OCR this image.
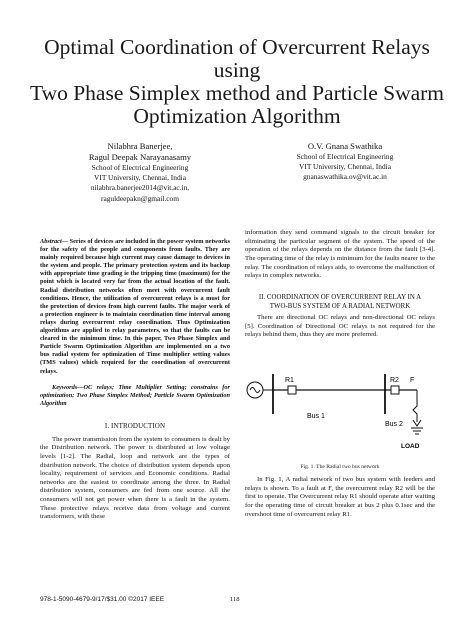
Optimal Coordination of Overcurrent Relays using
Two Phase Simplex method and Particle Swarm
Optimization Algorithm
Nilabhra Banerjee,
Ragul Deepak Narayanasamy
School of Electrical Engineering
VIT University, Chennai, India
nilabhra.banerjee2014@vit.ac.in,
raguldeepakn@gmail.com
O.V. Gnana Swathika
School of Electrical Engineering
VIT University, Chennai, India
gnanaswathika.ov@vit.ac.in

Abstract— Series of devices are included in the power system networks for the safety of the people and components from faults. They are mainly required because high current may cause damage to devices in the system and people. The primary protection system and its backup with appropriate time grading ie the tripping time (maximum) for the point which is located very far from the actual location of the fault. Radial distribution networks often meet with overcurrent fault conditions. Hence, the utilization of overcurrent relays is a must for the protection of devices from high current faults. The major work of a protection engineer is to maintain coordination time interval among relays during overcurrent relay coordination. Thus Optimization algorithms are applied to relay parameters, so that the faults can be cleared in the minimum time. In this paper, Two Phase Simplex and Particle Swarm Optimization Algorithm are implemented on a two bus radial system for optimization of Time multiplier setting values (TMS values) which required for the coordination of overcurrent relays.

Keywords—OC relays; Time Multiplier Setting; constrains for optimization; Two Phase Simplex Method; Particle Swarm Optimization Algorithm

I. INTRODUCTION

The power transmission from the system to consumers is dealt by the Distribution network. The power is distributed at low voltage levels [1-2]. The Radial, loop and network are the types of distribution network. The choice of distribution system depends upon locality, requirement of services and Economic conditions. Radial networks are the easiest to coordinate among the three. In Radial distribution system, consumers are fed from one source. All the consumers will not get power when there is a fault in the system. These protective relays receive data from voltage and current transformers, with these

information they send command signals to the circuit breaker for eliminating the particular segment of the system. The speed of the operation of the relays depends on the distance from the fault [3-4]. The operating time of the relay is minimum for the faults nearer to the relay. The coordination of relays aids, to overcome the malfunction of relays in complex networks.

II. COORDINATION OF OVERCURRENT RELAY IN A
TWO-BUS SYSTEM OF A RADIAL NETWORK

There are directional OC relays and non-directional OC relays [5]. Coordination of Directional OC relays is not required for the relays behind them, thus they are more preferred.

R1	R2 F
Bus 1
Bus 2
LOAD
Fig. 1. The Radial two bus network

In Fig. 1, A radial network of two bus system with feeders and relays is shown. To a fault at F, the overcurrent relay R2 will be the first to operate. The Overcurrent relay R1 should operate after waiting for the operating time of circuit breaker at bus 2 plus 0.1sec and the overshoot time of overcurrent relay R1.

978-1-5090-4679-9/17/$31.00 ©2017 IEEE	118
